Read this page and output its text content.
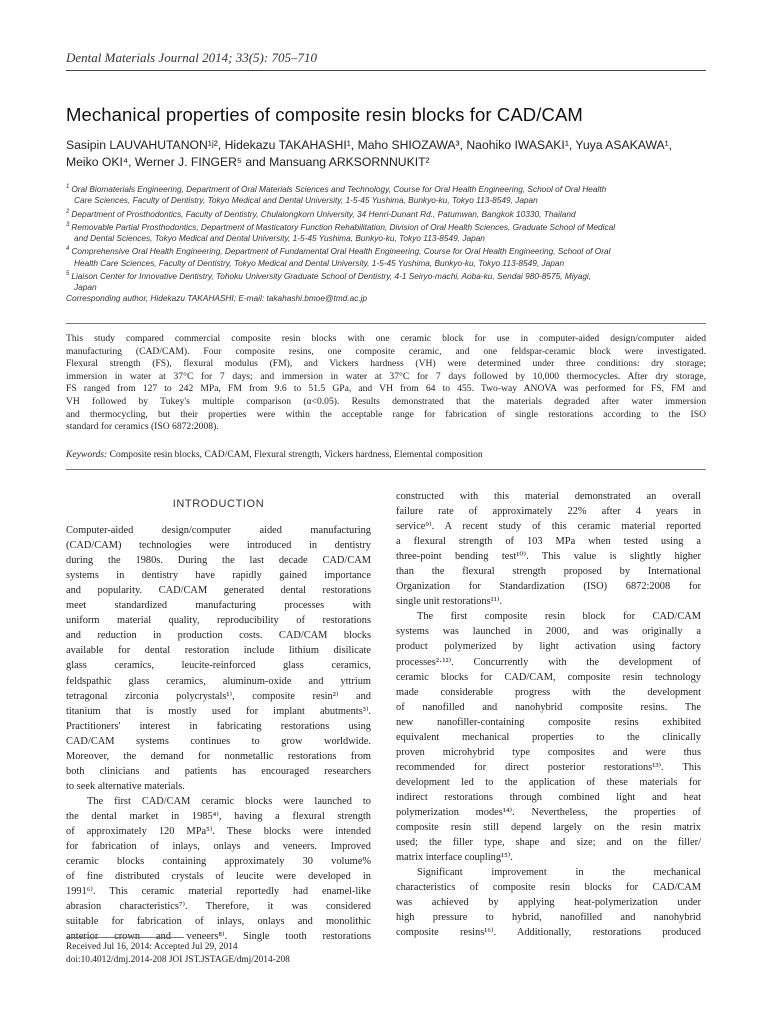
Dental Materials Journal 2014; 33(5): 705–710
Mechanical properties of composite resin blocks for CAD/CAM
Sasipin LAUVAHUTANON¹ʲ², Hidekazu TAKAHASHI¹, Maho SHIOZAWA³, Naohiko IWASAKI¹, Yuya ASAKAWA¹,
Meiko OKI⁴, Werner J. FINGER⁵ and Mansuang ARKSORNNUKIT²
$^1$ Oral Biomaterials Engineering, Department of Oral Materials Sciences and Technology, Course for Oral Health Engineering, School of Oral Health
Care Sciences, Faculty of Dentistry, Tokyo Medical and Dental University, 1-5-45 Yushima, Bunkyo-ku, Tokyo 113-8549, Japan
$^2$ Department of Prosthodontics, Faculty of Dentistry, Chulalongkorn University, 34 Henri-Dunant Rd., Patumwan, Bangkok 10330, Thailand
$^3$ Removable Partial Prosthodontics, Department of Masticatory Function Rehabilitation, Division of Oral Health Sciences, Graduate School of Medical
and Dental Sciences, Tokyo Medical and Dental University, 1-5-45 Yushima, Bunkyo-ku, Tokyo 113-8549, Japan
$^4$ Comprehensive Oral Health Engineering, Department of Fundamental Oral Health Engineering, Course for Oral Health Engineering, School of Oral
Health Care Sciences, Faculty of Dentistry, Tokyo Medical and Dental University, 1-5-45 Yushima, Bunkyo-ku, Tokyo 113-8549, Japan
$^5$ Liaison Center for Innovative Dentistry, Tohoku University Graduate School of Dentistry, 4-1 Seiryo-machi, Aoba-ku, Sendai 980-8575, Miyagi,
Japan
Corresponding author, Hidekazu TAKAHASHI; E-mail: takahashi.bmoe@tmd.ac.jp
This study compared commercial composite resin blocks with one ceramic block for use in computer-aided design/computer aided
manufacturing (CAD/CAM). Four composite resins, one composite ceramic, and one feldspar-ceramic block were investigated.
Flexural strength (FS), flexural modulus (FM), and Vickers hardness (VH) were determined under three conditions: dry storage;
immersion in water at 37°C for 7 days; and immersion in water at 37°C for 7 days followed by 10,000 thermocycles. After dry storage,
FS ranged from 127 to 242 MPa, FM from 9.6 to 51.5 GPa, and VH from 64 to 455. Two-way ANOVA was performed for FS, FM and
VH followed by Tukey's multiple comparison (α<0.05). Results demonstrated that the materials degraded after water immersion
and thermocycling, but their properties were within the acceptable range for fabrication of single restorations according to the ISO
standard for ceramics (ISO 6872:2008).
Keywords: Composite resin blocks, CAD/CAM, Flexural strength, Vickers hardness, Elemental composition
INTRODUCTION
Computer-aided design/computer aided manufacturing
(CAD/CAM) technologies were introduced in dentistry
during the 1980s. During the last decade CAD/CAM
systems in dentistry have rapidly gained importance
and popularity. CAD/CAM generated dental restorations
meet standardized manufacturing processes with
uniform material quality, reproducibility of restorations
and reduction in production costs. CAD/CAM blocks
available for dental restoration include lithium disilicate
glass ceramics, leucite-reinforced glass ceramics,
feldspathic glass ceramics, aluminum-oxide and yttrium
tetragonal zirconia polycrystals¹⁾, composite resin²⁾ and
titanium that is mostly used for implant abutments³⁾.
Practitioners' interest in fabricating restorations using
CAD/CAM systems continues to grow worldwide.
Moreover, the demand for nonmetallic restorations from
both clinicians and patients has encouraged researchers
to seek alternative materials.
The first CAD/CAM ceramic blocks were launched to
the dental market in 1985⁴⁾, having a flexural strength
of approximately 120 MPa⁵⁾. These blocks were intended
for fabrication of inlays, onlays and veneers. Improved
ceramic blocks containing approximately 30 volume%
of fine distributed crystals of leucite were developed in
1991⁶⁾. This ceramic material reportedly had enamel-like
abrasion characteristics⁷⁾. Therefore, it was considered
suitable for fabrication of inlays, onlays and monolithic
anterior crown and veneers⁸⁾. Single tooth restorations
constructed with this material demonstrated an overall
failure rate of approximately 22% after 4 years in
service⁹⁾. A recent study of this ceramic material reported
a flexural strength of 103 MPa when tested using a
three-point bending test¹⁰⁾. This value is slightly higher
than the flexural strength proposed by International
Organization for Standardization (ISO) 6872:2008 for
single unit restorations¹¹⁾.
The first composite resin block for CAD/CAM
systems was launched in 2000, and was originally a
product polymerized by light activation using factory
processes²·¹²⁾. Concurrently with the development of
ceramic blocks for CAD/CAM, composite resin technology
made considerable progress with the development
of nanofilled and nanohybrid composite resins. The
new nanofiller-containing composite resins exhibited
equivalent mechanical properties to the clinically
proven microhybrid type composites and were thus
recommended for direct posterior restorations¹³⁾. This
development led to the application of these materials for
indirect restorations through combined light and heat
polymerization modes¹⁴⁾. Nevertheless, the properties of
composite resin still depend largely on the resin matrix
used; the filler type, shape and size; and on the filler/
matrix interface coupling¹⁵⁾.
Significant improvement in the mechanical
characteristics of composite resin blocks for CAD/CAM
was achieved by applying heat-polymerization under
high pressure to hybrid, nanofilled and nanohybrid
composite resins¹⁶⁾. Additionally, restorations produced
Received Jul 16, 2014: Accepted Jul 29, 2014
doi:10.4012/dmj.2014-208 JOI JST.JSTAGE/dmj/2014-208
